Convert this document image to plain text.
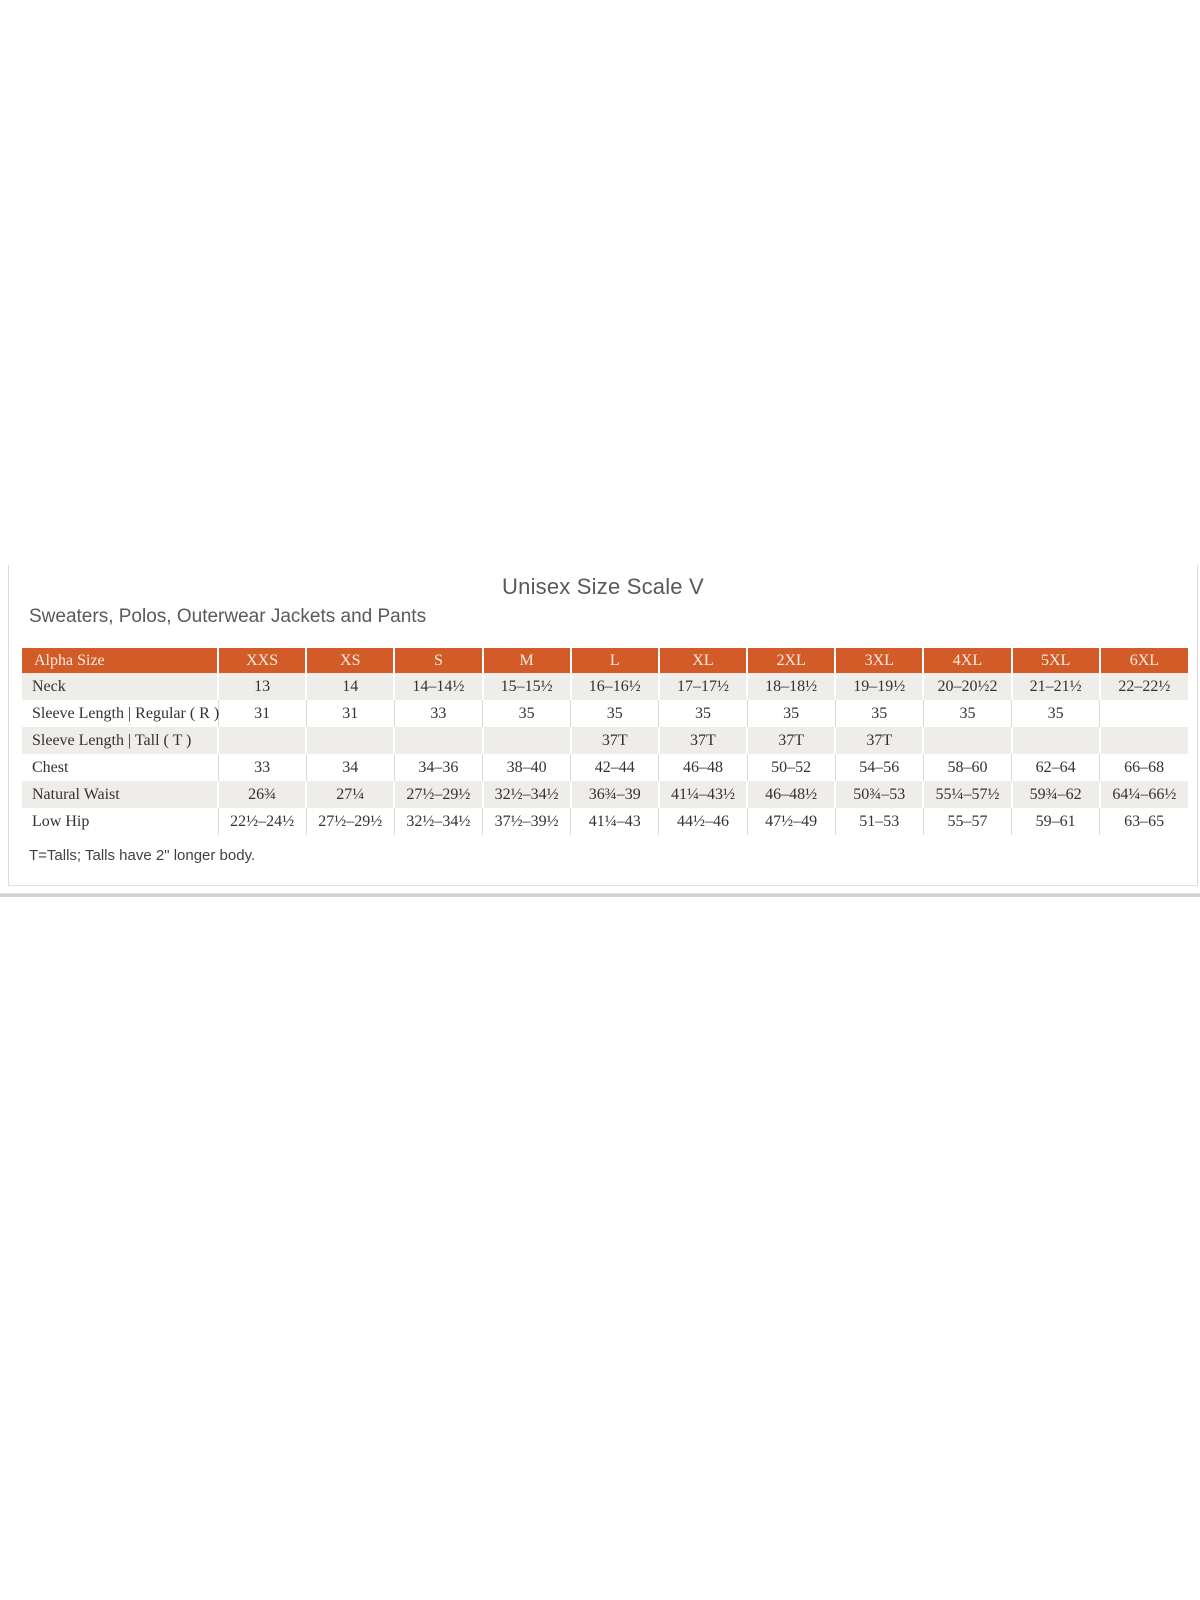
Unisex Size Scale V
Sweaters, Polos, Outerwear Jackets and Pants
Alpha Size	XXS	XS	S	M	L	XL	2XL	3XL	4XL	5XL	6XL
Neck	13	14	14–14½	15–15½	16–16½	17–17½	18–18½	19–19½	20–20½2	21–21½	22–22½
Sleeve Length | Regular ( R )	31	31	33	35	35	35	35	35	35	35	
Sleeve Length | Tall ( T )					37T	37T	37T	37T			
Chest	33	34	34–36	38–40	42–44	46–48	50–52	54–56	58–60	62–64	66–68
Natural Waist	26¾	27¼	27½–29½	32½–34½	36¾–39	41¼–43½	46–48½	50¾–53	55¼–57½	59¾–62	64¼–66½
Low Hip	22½–24½	27½–29½	32½–34½	37½–39½	41¼–43	44½–46	47½–49	51–53	55–57	59–61	63–65

T=Talls; Talls have 2" longer body.
